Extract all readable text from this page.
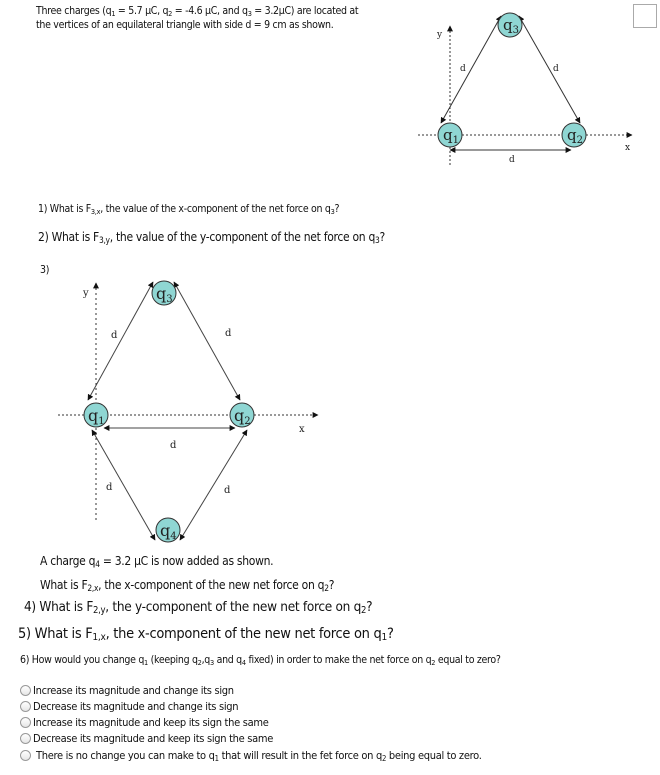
Three charges ($q_1 = 5.7$ μC, $q_2 = -4.6$ μC, and $q_3 = 3.2\mu C$) are located at
the vertices of an equilateral triangle with side d = 9 cm as shown.
$q_1$	$q_2$
$q_3$
d	d
d
x
y
q1	q2
q3
q4
d	d
d
d	d
x
y
1) What is $F_{3,x}$, the value of the x-component of the net force on $q_3$?
2) What is $F_{3,y}$, the value of the y-component of the net force on $q_3$?
3)
A charge $q_4 = 3.2$ μC is now added as shown.
What is $F_{2,x}$, the x-component of the new net force on $q_2$?
4) What is $F_{2,y}$, the y-component of the new net force on $q_2$?
5) What is $F_{1,x}$, the x-component of the new net force on $q_1$?
6) How would you change $q_1$ (keeping $q_2,q_3$ and $q_4$ fixed) in order to make the net force on $q_2$ equal to zero?
Increase its magnitude and change its sign
Decrease its magnitude and change its sign
Increase its magnitude and keep its sign the same
Decrease its magnitude and keep its sign the same
There is no change you can make to $q_1$ that will result in the fet force on $q_2$ being equal to zero.
